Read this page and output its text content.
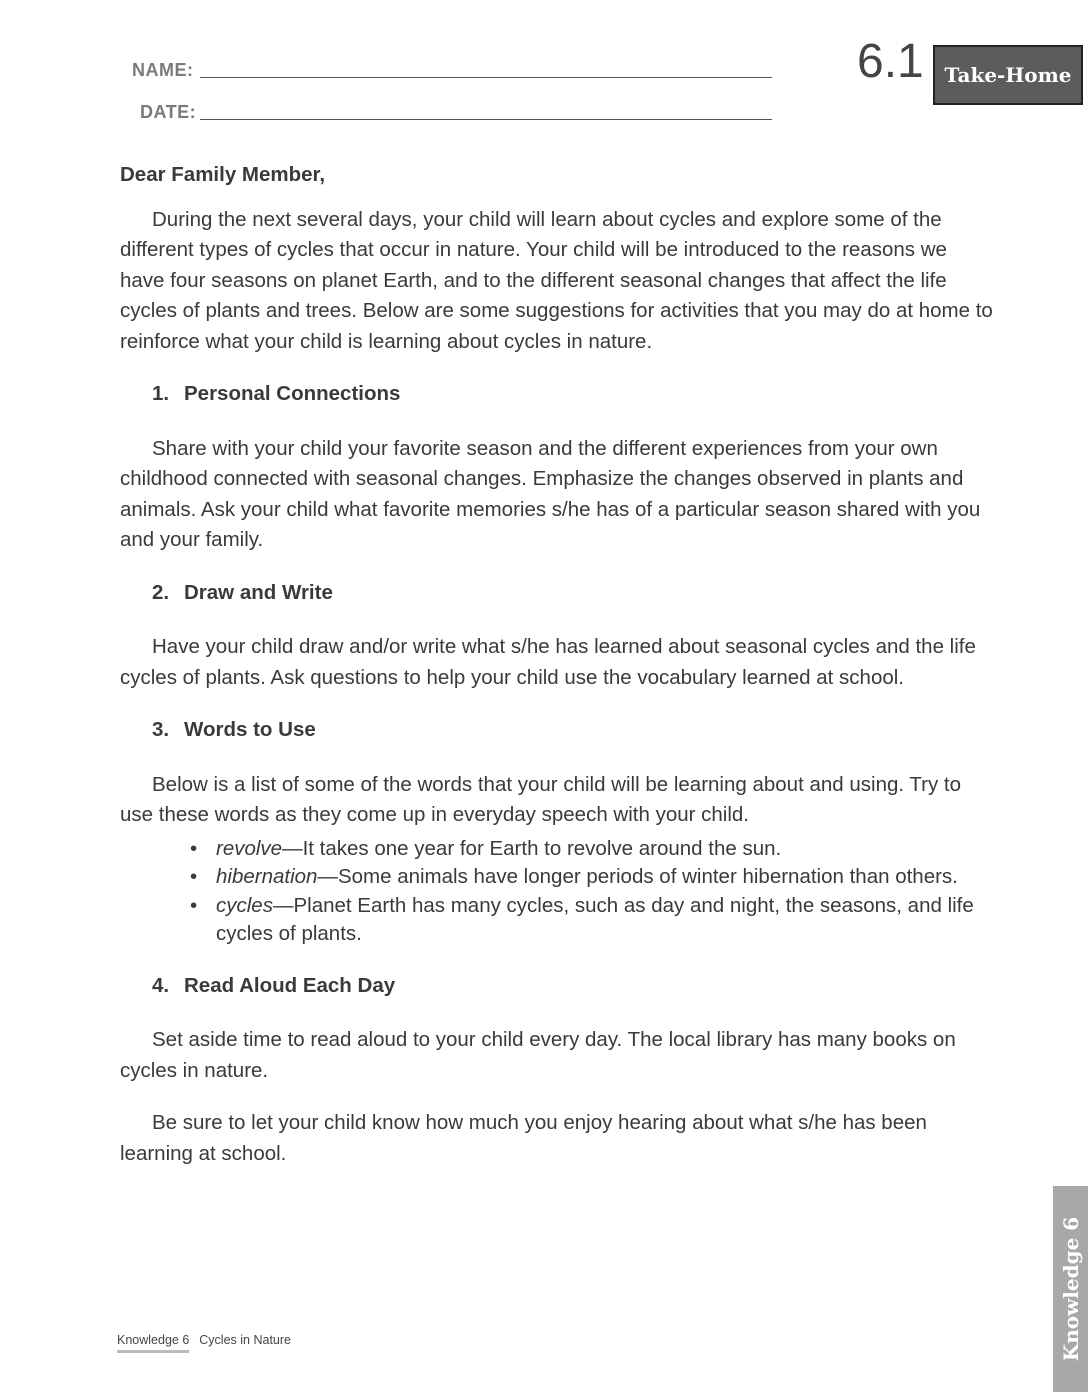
NAME:
DATE:
6.1	Take-Home

Dear Family Member,

During the next several days, your child will learn about cycles and explore some of the different types of cycles that occur in nature. Your child will be introduced to the reasons we have four seasons on planet Earth, and to the different seasonal changes that affect the life cycles of plants and trees. Below are some suggestions for activities that you may do at home to reinforce what your child is learning about cycles in nature.

1. Personal Connections

Share with your child your favorite season and the different experiences from your own childhood connected with seasonal changes. Emphasize the changes observed in plants and animals. Ask your child what favorite memories s/he has of a particular season shared with you and your family.

2. Draw and Write

Have your child draw and/or write what s/he has learned about seasonal cycles and the life cycles of plants. Ask questions to help your child use the vocabulary learned at school.

3. Words to Use

Below is a list of some of the words that your child will be learning about and using. Try to use these words as they come up in everyday speech with your child.

• revolve—It takes one year for Earth to revolve around the sun.
• hibernation—Some animals have longer periods of winter hibernation than others.
• cycles—Planet Earth has many cycles, such as day and night, the seasons, and life cycles of plants.

4. Read Aloud Each Day

Set aside time to read aloud to your child every day. The local library has many books on cycles in nature.

Be sure to let your child know how much you enjoy hearing about what s/he has been learning at school.

Knowledge 6 Cycles in Nature	Knowledge 6
